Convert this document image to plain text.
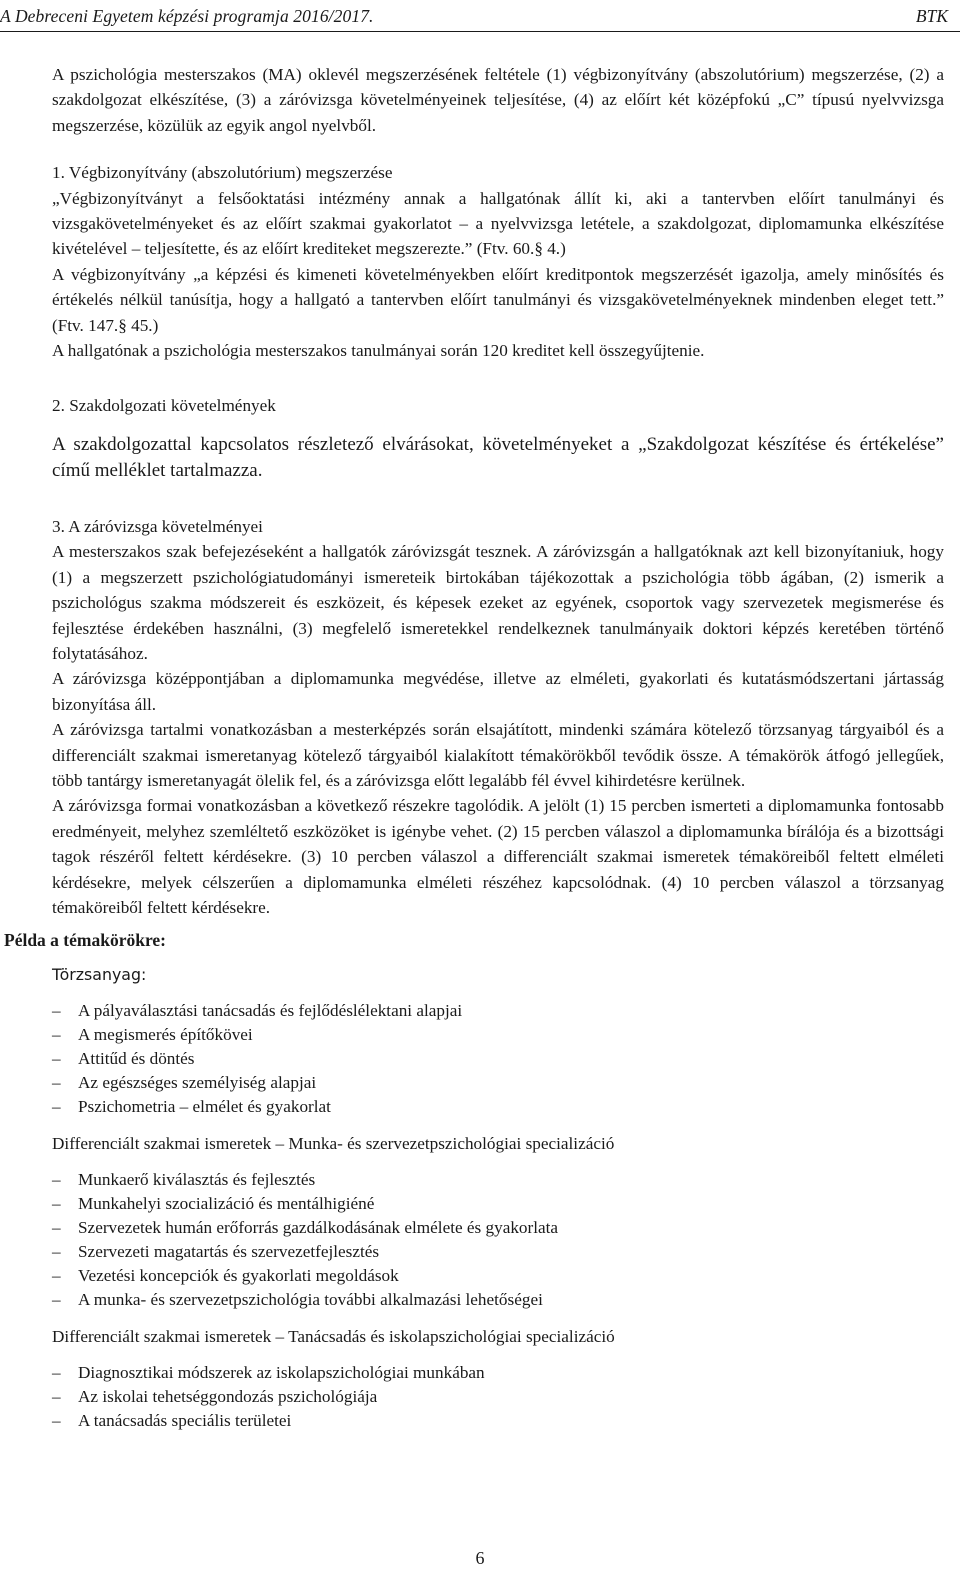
A Debreceni Egyetem képzési programja 2016/2017.	BTK

A pszichológia mesterszakos (MA) oklevél megszerzésének feltétele (1) végbizonyítvány (abszolutórium) megszerzése, (2) a szakdolgozat elkészítése, (3) a záróvizsga követelményeinek teljesítése, (4) az előírt két középfokú „C” típusú nyelvvizsga megszerzése, közülük az egyik angol nyelvből.

1. Végbizonyítvány (abszolutórium) megszerzése

„Végbizonyítványt a felsőoktatási intézmény annak a hallgatónak állít ki, aki a tantervben előírt tanulmányi és vizsgakövetelményeket és az előírt szakmai gyakorlatot – a nyelvvizsga letétele, a szakdolgozat, diplomamunka elkészítése kivételével – teljesítette, és az előírt krediteket megszerezte.” (Ftv. 60.§ 4.)

A végbizonyítvány „a képzési és kimeneti követelményekben előírt kreditpontok megszerzését igazolja, amely minősítés és értékelés nélkül tanúsítja, hogy a hallgató a tantervben előírt tanulmányi és vizsgakövetelményeknek mindenben eleget tett.” (Ftv. 147.§ 45.)

A hallgatónak a pszichológia mesterszakos tanulmányai során 120 kreditet kell összegyűjtenie.

2. Szakdolgozati követelmények

A szakdolgozattal kapcsolatos részletező elvárásokat, követelményeket a „Szakdolgozat készítése és értékelése” című melléklet tartalmazza.

3. A záróvizsga követelményei

A mesterszakos szak befejezéseként a hallgatók záróvizsgát tesznek. A záróvizsgán a hallgatóknak azt kell bizonyítaniuk, hogy (1) a megszerzett pszichológiatudományi ismereteik birtokában tájékozottak a pszichológia több ágában, (2) ismerik a pszichológus szakma módszereit és eszközeit, és képesek ezeket az egyének, csoportok vagy szervezetek megismerése és fejlesztése érdekében használni, (3) megfelelő ismeretekkel rendelkeznek tanulmányaik doktori képzés keretében történő folytatásához.

A záróvizsga középpontjában a diplomamunka megvédése, illetve az elméleti, gyakorlati és kutatásmódszertani jártasság bizonyítása áll.

A záróvizsga tartalmi vonatkozásban a mesterképzés során elsajátított, mindenki számára kötelező törzsanyag tárgyaiból és a differenciált szakmai ismeretanyag kötelező tárgyaiból kialakított témakörökből tevődik össze. A témakörök átfogó jellegűek, több tantárgy ismeretanyagát ölelik fel, és a záróvizsga előtt legalább fél évvel kihirdetésre kerülnek.

A záróvizsga formai vonatkozásban a következő részekre tagolódik. A jelölt (1) 15 percben ismerteti a diplomamunka fontosabb eredményeit, melyhez szemléltető eszközöket is igénybe vehet. (2) 15 percben válaszol a diplomamunka bírálója és a bizottsági tagok részéről feltett kérdésekre. (3) 10 percben válaszol a differenciált szakmai ismeretek témaköreiből feltett elméleti kérdésekre, melyek célszerűen a diplomamunka elméleti részéhez kapcsolódnak. (4) 10 percben válaszol a törzsanyag témaköreiből feltett kérdésekre.

Példa a témakörökre:

Törzsanyag:

– A pályaválasztási tanácsadás és fejlődéslélektani alapjai
– A megismerés építőkövei
– Attitűd és döntés
– Az egészséges személyiség alapjai
– Pszichometria – elmélet és gyakorlat

Differenciált szakmai ismeretek – Munka- és szervezetpszichológiai specializáció

– Munkaerő kiválasztás és fejlesztés
– Munkahelyi szocializáció és mentálhigiéné
– Szervezetek humán erőforrás gazdálkodásának elmélete és gyakorlata
– Szervezeti magatartás és szervezetfejlesztés
– Vezetési koncepciók és gyakorlati megoldások
– A munka- és szervezetpszichológia további alkalmazási lehetőségei

Differenciált szakmai ismeretek – Tanácsadás és iskolapszichológiai specializáció

– Diagnosztikai módszerek az iskolapszichológiai munkában
– Az iskolai tehetséggondozás pszichológiája
– A tanácsadás speciális területei
6
